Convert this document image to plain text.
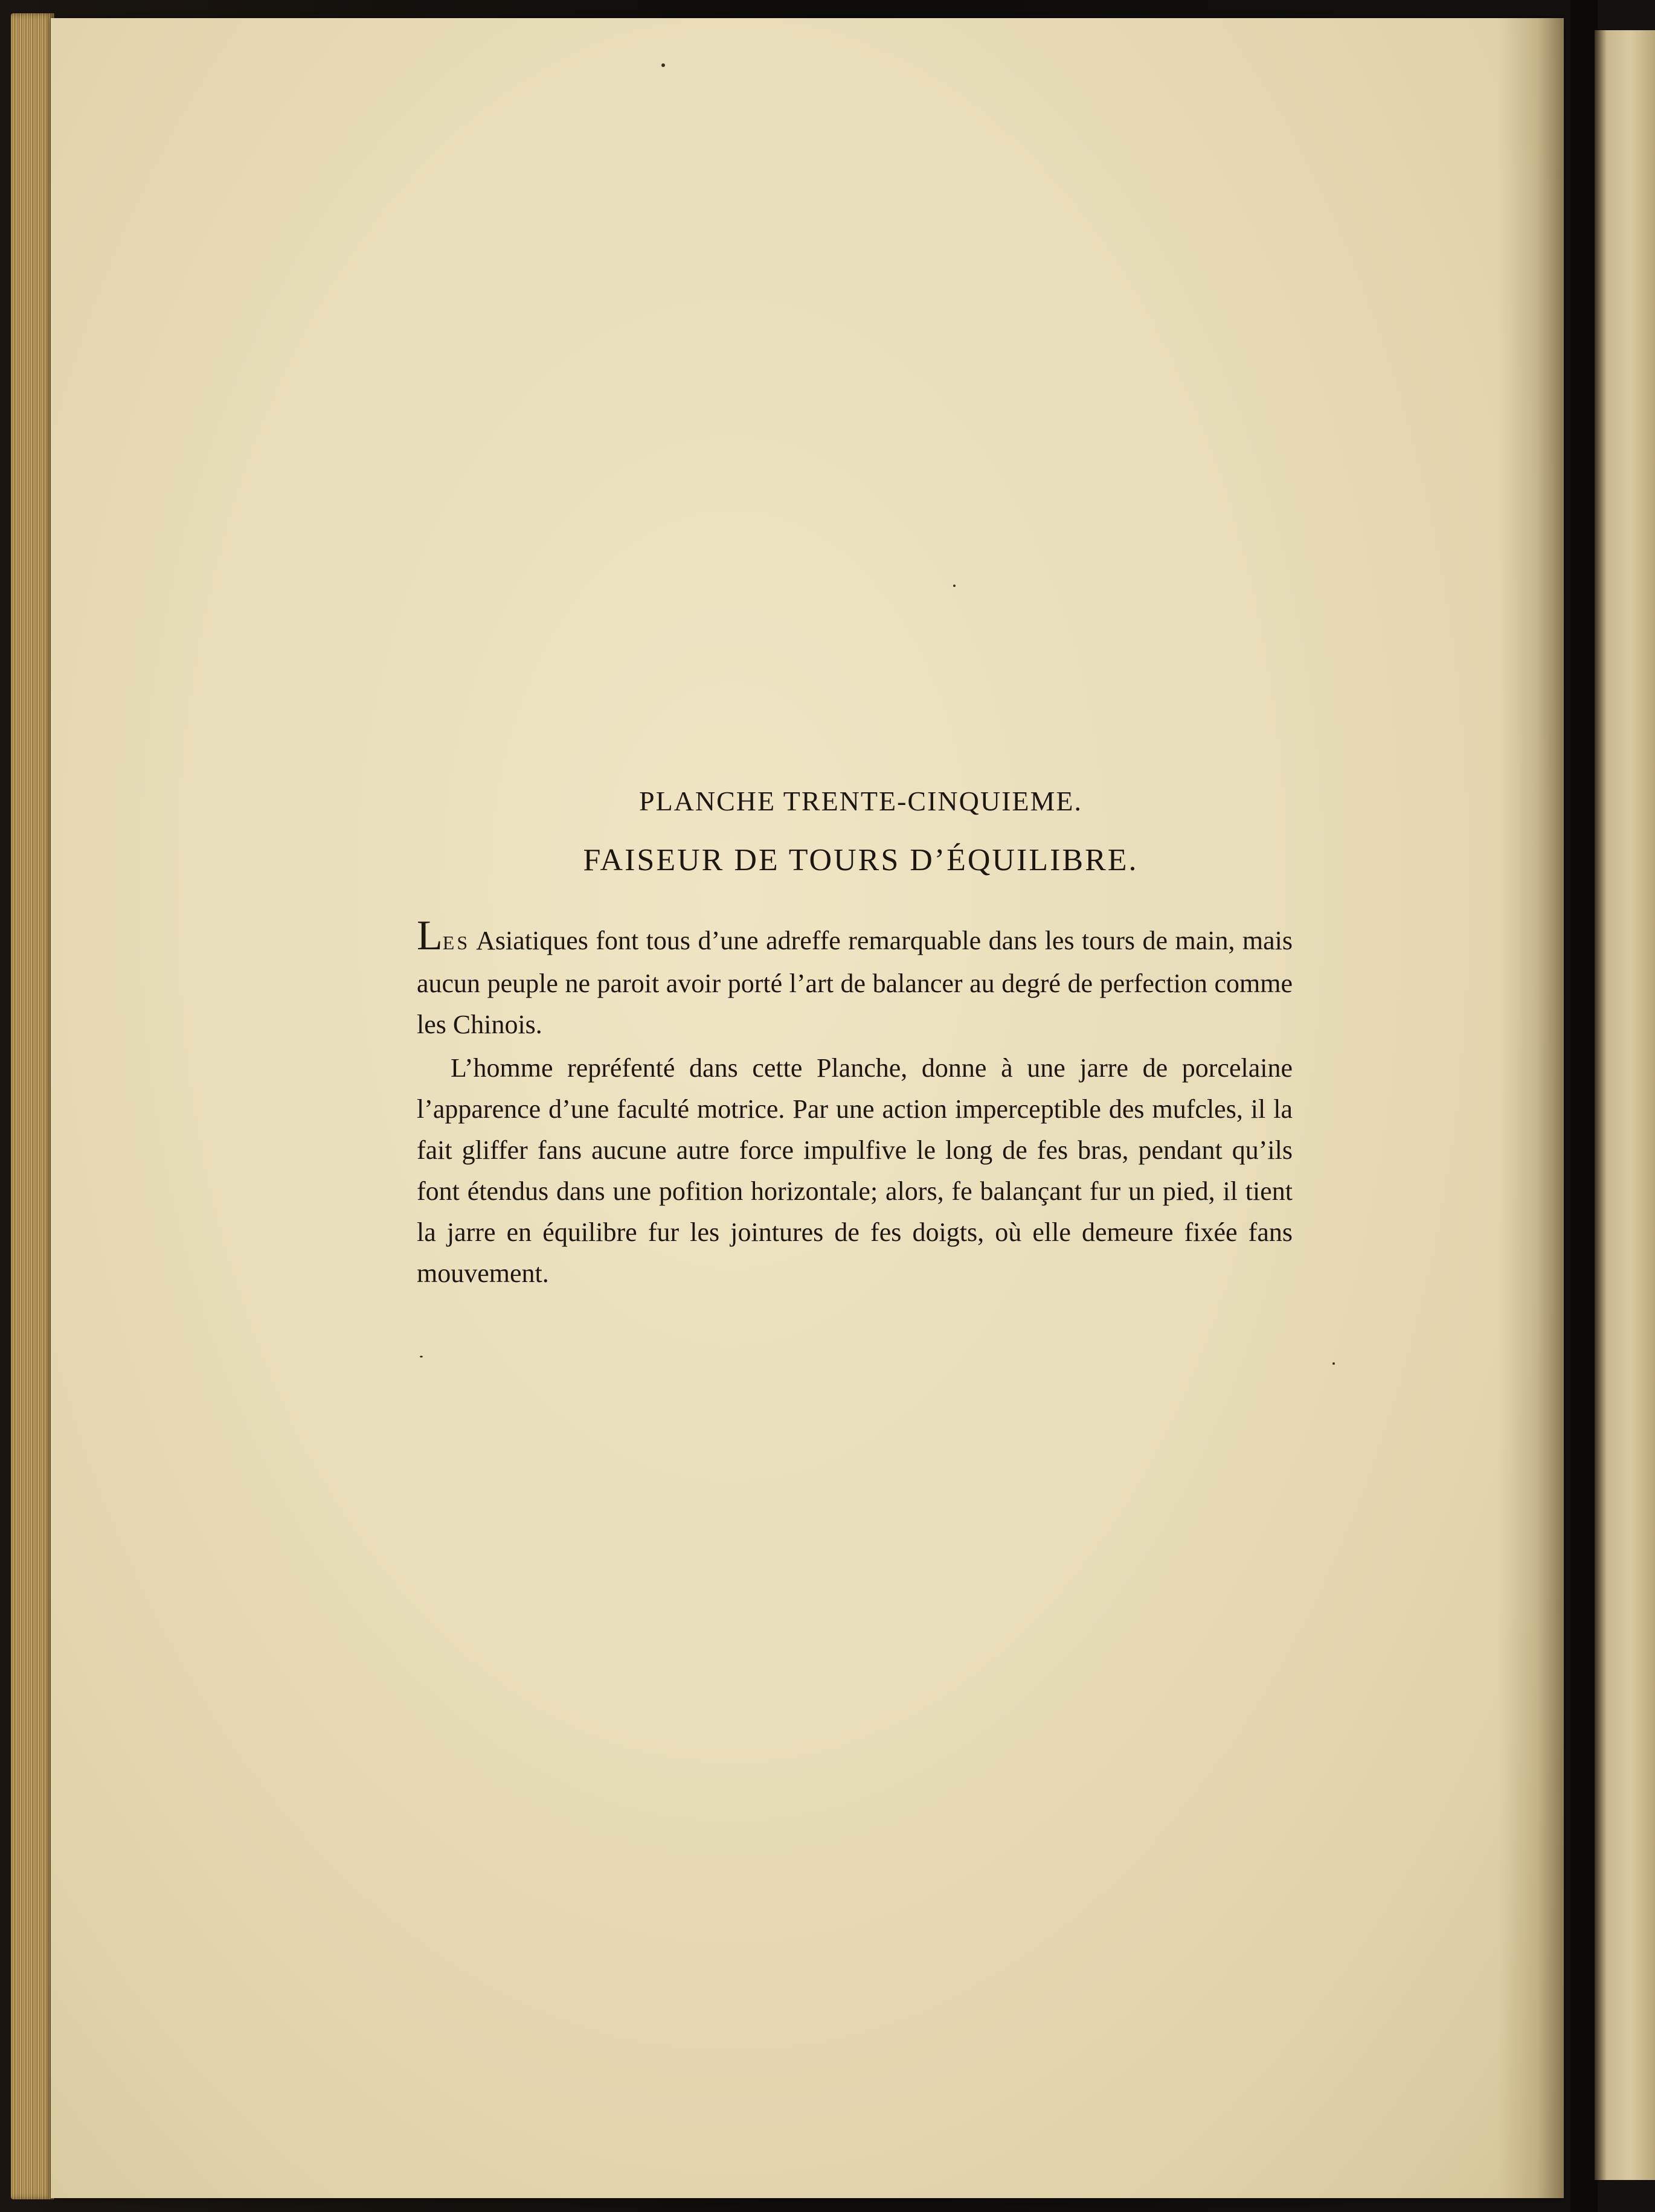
PLANCHE TRENTE-CINQUIEME.
FAISEUR DE TOURS D’ÉQUILIBRE.

LES Asiatiques font tous d’une adreffe remarquable dans les tours de main, mais aucun peuple ne paroit avoir porté l’art de balancer au degré de perfection comme les Chinois.

L’homme repréfenté dans cette Planche, donne à une jarre de porcelaine l’apparence d’une faculté motrice. Par une action imperceptible des mufcles, il la fait gliffer fans aucune autre force impulfive le long de fes bras, pendant qu’ils font étendus dans une pofition horizontale; alors, fe balançant fur un pied, il tient la jarre en équilibre fur les jointures de fes doigts, où elle demeure fixée fans mouvement.
